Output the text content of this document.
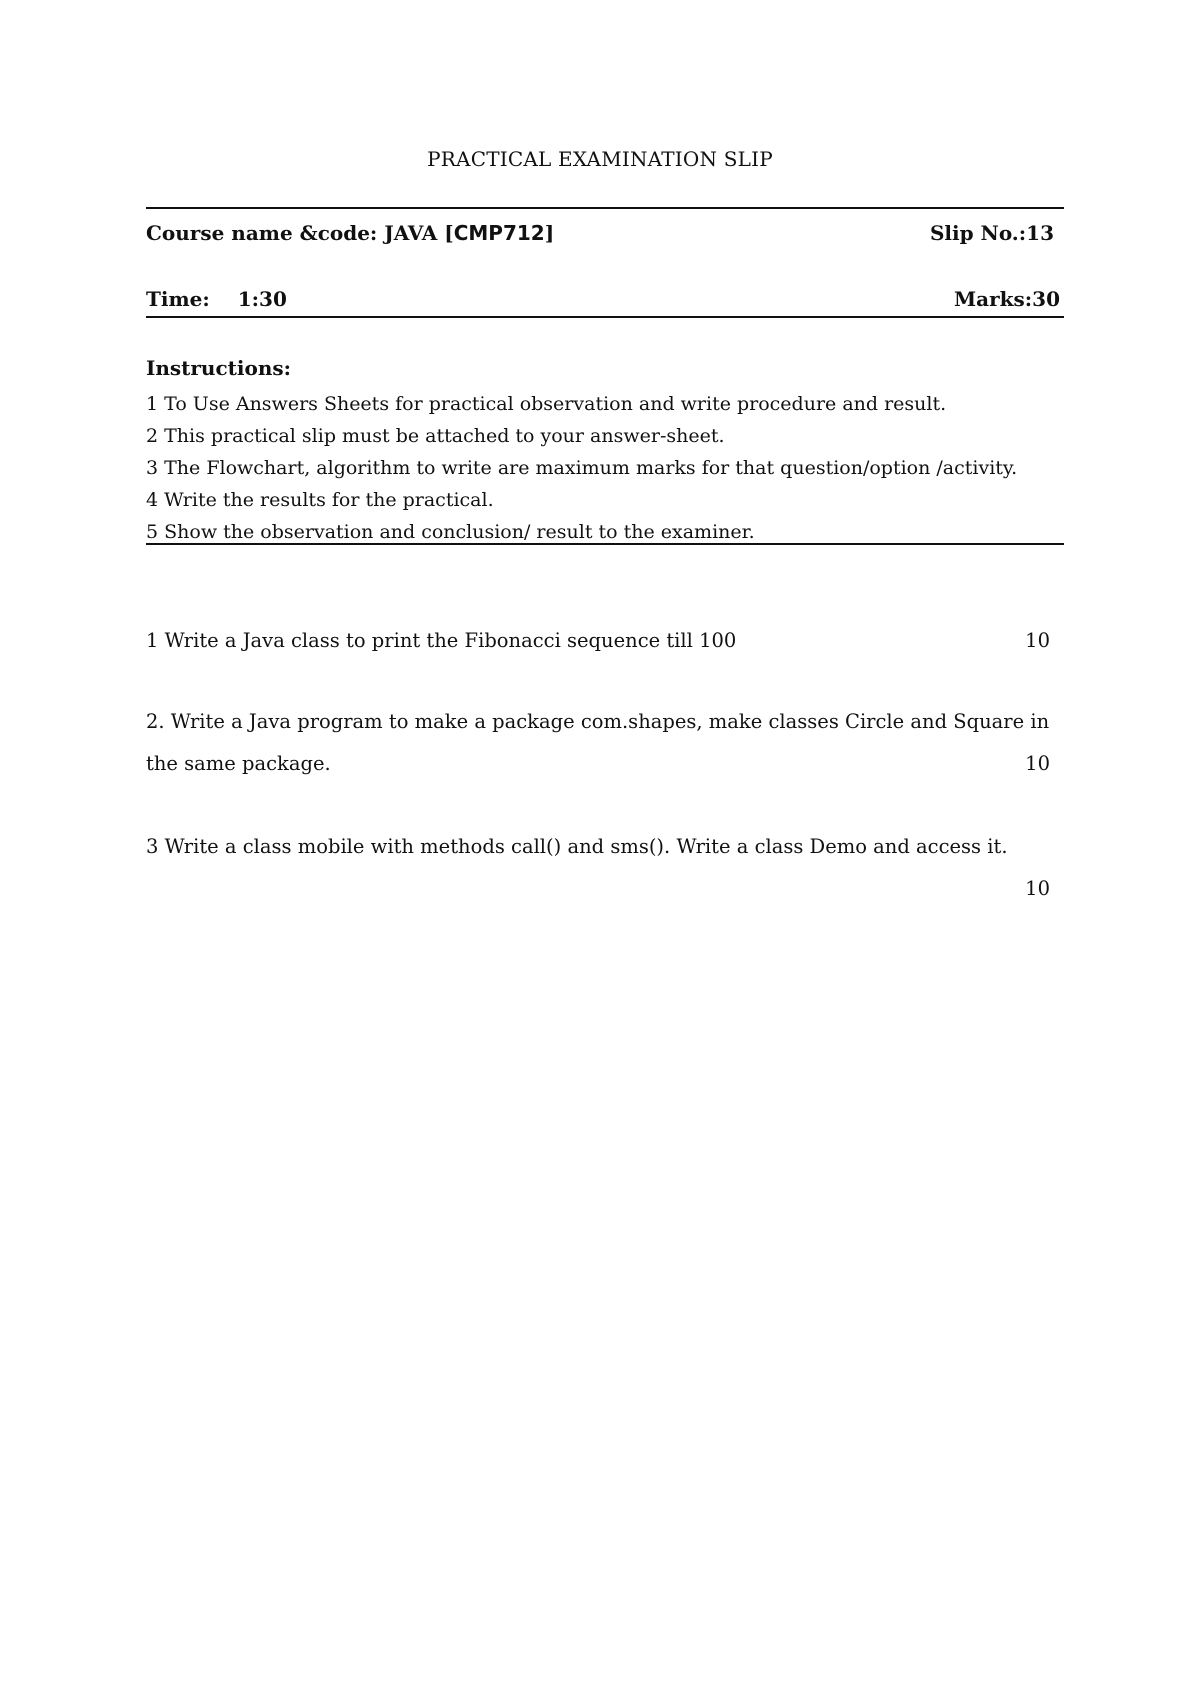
PRACTICAL EXAMINATION SLIP
Course name &code: JAVA [CMP712]	Slip No.:13
Time: 1:30	Marks:30
Instructions:
1 To Use Answers Sheets for practical observation and write procedure and result.
2 This practical slip must be attached to your answer-sheet.
3 The Flowchart, algorithm to write are maximum marks for that question/option /activity.
4 Write the results for the practical.
5 Show the observation and conclusion/ result to the examiner.
1 Write a Java class to print the Fibonacci sequence till 100	10
2. Write a Java program to make a package com.shapes, make classes Circle and Square in
the same package.	10
3 Write a class mobile with methods call() and sms(). Write a class Demo and access it.
10
